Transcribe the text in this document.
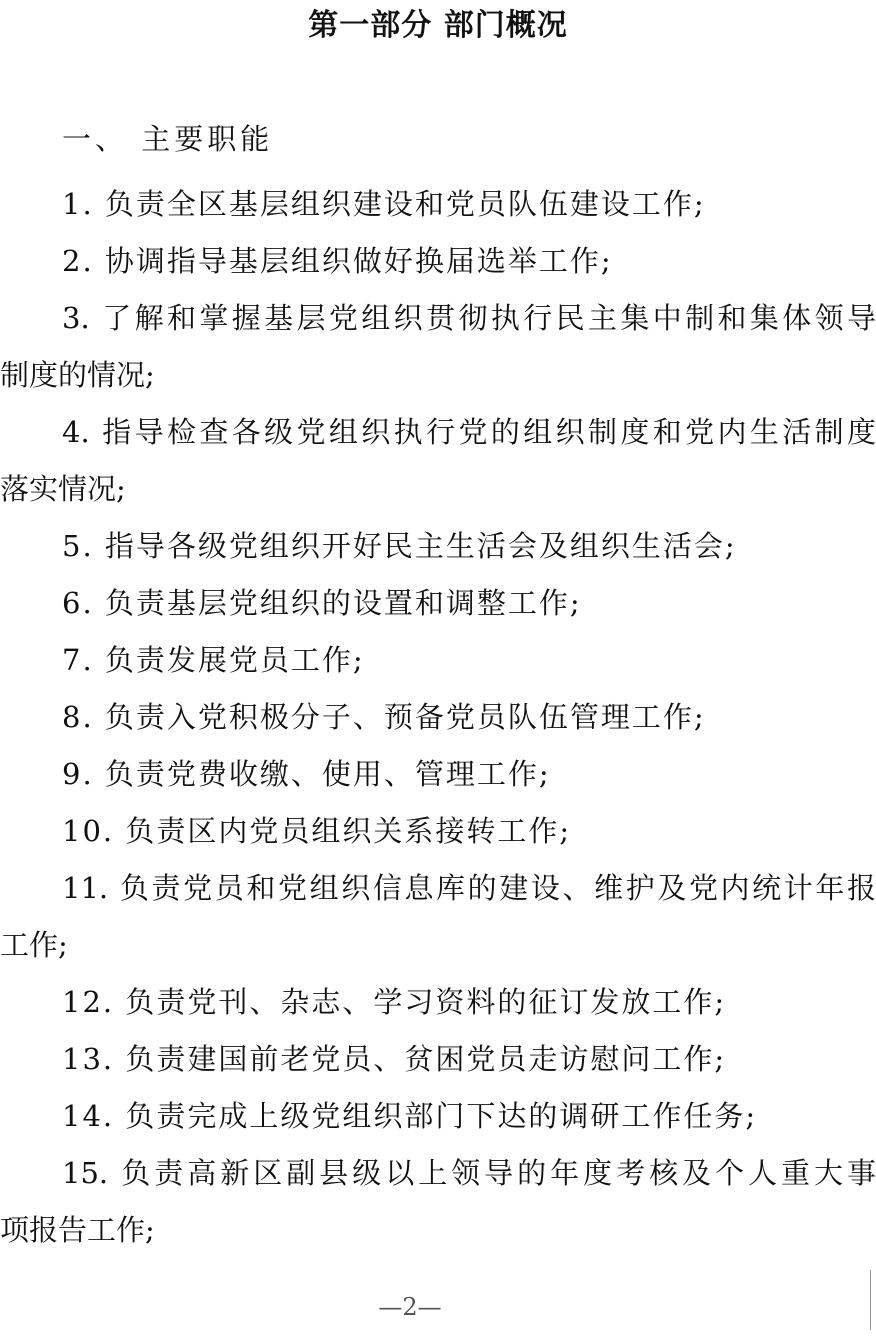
第一部分 部门概况
一、 主要职能
1. 负责全区基层组织建设和党员队伍建设工作;
2. 协调指导基层组织做好换届选举工作;
3. 了解和掌握基层党组织贯彻执行民主集中制和集体领导
制度的情况;
4. 指导检查各级党组织执行党的组织制度和党内生活制度
落实情况;
5. 指导各级党组织开好民主生活会及组织生活会;
6. 负责基层党组织的设置和调整工作;
7. 负责发展党员工作;
8. 负责入党积极分子、预备党员队伍管理工作;
9. 负责党费收缴、使用、管理工作;
10. 负责区内党员组织关系接转工作;
11. 负责党员和党组织信息库的建设、维护及党内统计年报
工作;
12. 负责党刊、杂志、学习资料的征订发放工作;
13. 负责建国前老党员、贫困党员走访慰问工作;
14. 负责完成上级党组织部门下达的调研工作任务;
15. 负责高新区副县级以上领导的年度考核及个人重大事
项报告工作;
—2—
